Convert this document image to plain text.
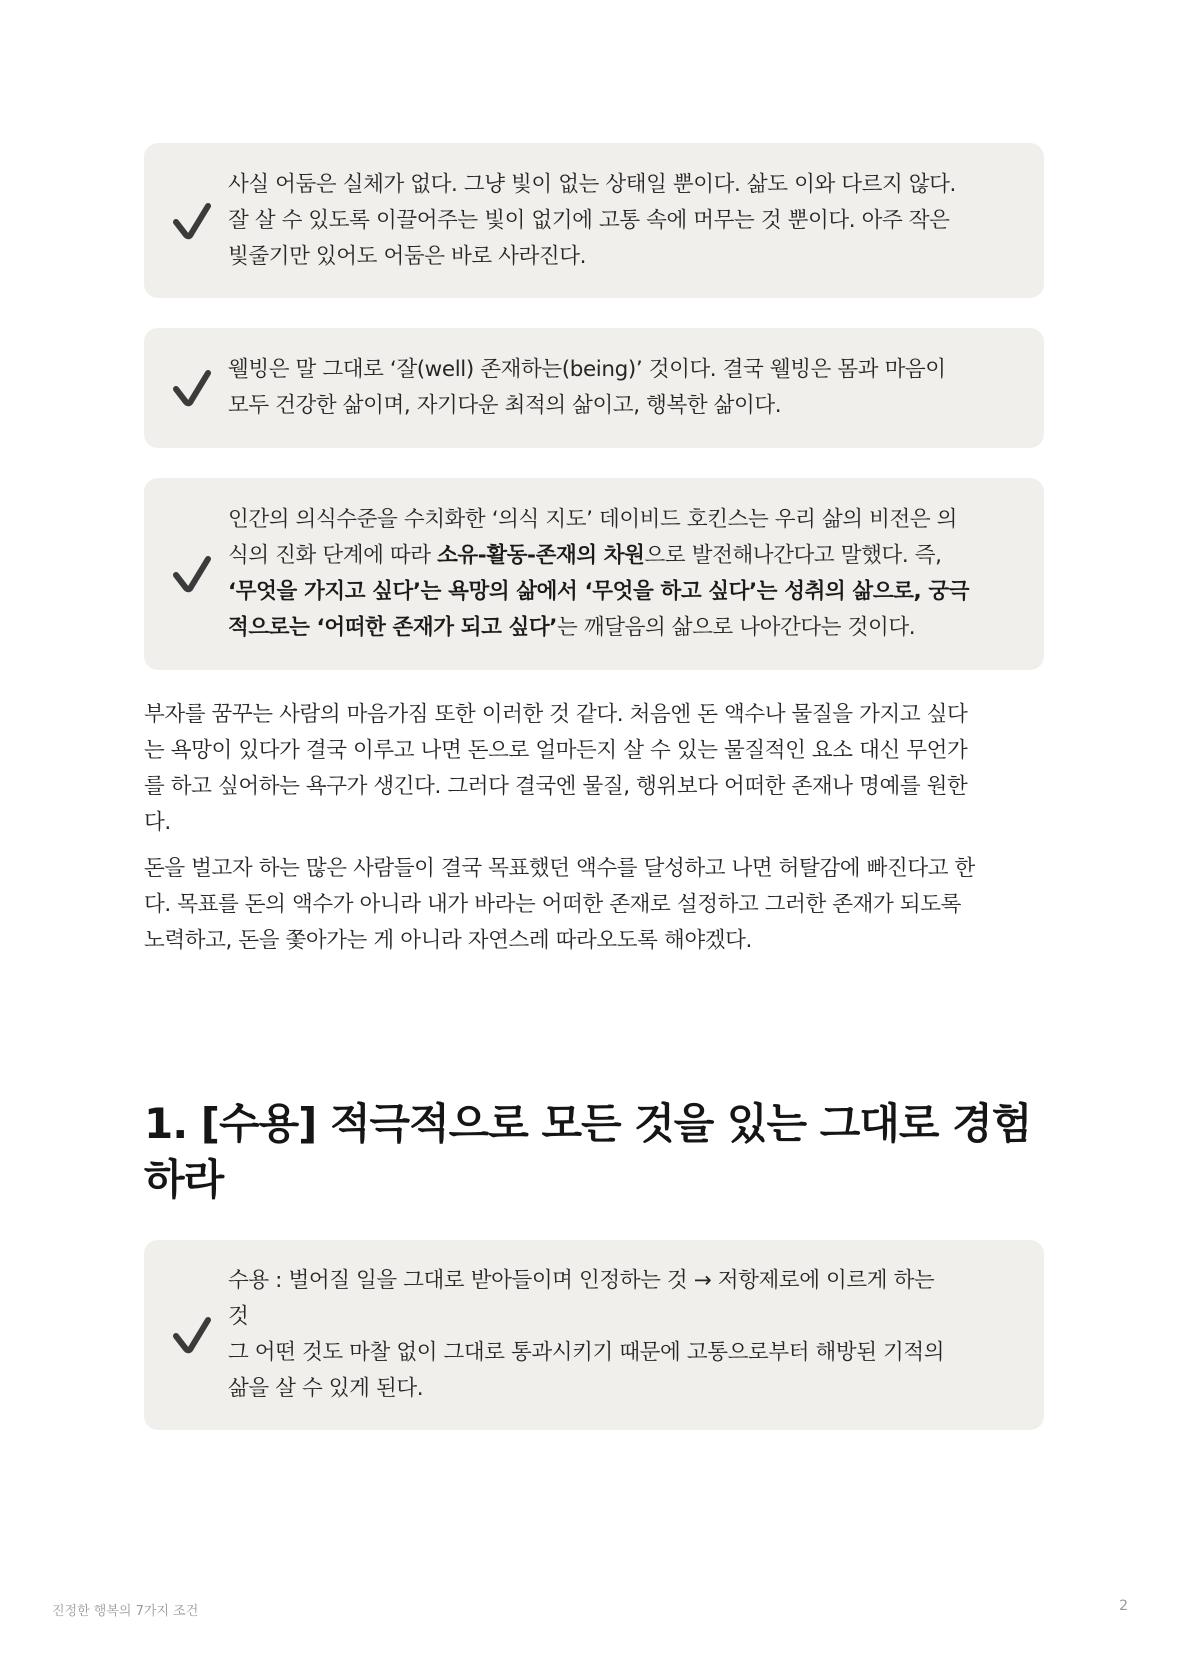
사실 어둠은 실체가 없다. 그냥 빛이 없는 상태일 뿐이다. 삶도 이와 다르지 않다.

잘 살 수 있도록 이끌어주는 빛이 없기에 고통 속에 머무는 것 뿐이다. 아주 작은

빛줄기만 있어도 어둠은 바로 사라진다.

웰빙은 말 그대로 ‘잘(well) 존재하는(being)’ 것이다. 결국 웰빙은 몸과 마음이

모두 건강한 삶이며, 자기다운 최적의 삶이고, 행복한 삶이다.

인간의 의식수준을 수치화한 ‘의식 지도’ 데이비드 호킨스는 우리 삶의 비전은 의

식의 진화 단계에 따라 소유-활동-존재의 차원으로 발전해나간다고 말했다. 즉,

‘무엇을 가지고 싶다’는 욕망의 삶에서 ‘무엇을 하고 싶다’는 성취의 삶으로, 궁극

적으로는 ‘어떠한 존재가 되고 싶다’는 깨달음의 삶으로 나아간다는 것이다.

부자를 꿈꾸는 사람의 마음가짐 또한 이러한 것 같다. 처음엔 돈 액수나 물질을 가지고 싶다

는 욕망이 있다가 결국 이루고 나면 돈으로 얼마든지 살 수 있는 물질적인 요소 대신 무언가

를 하고 싶어하는 욕구가 생긴다. 그러다 결국엔 물질, 행위보다 어떠한 존재나 명예를 원한

다.

돈을 벌고자 하는 많은 사람들이 결국 목표했던 액수를 달성하고 나면 허탈감에 빠진다고 한

다. 목표를 돈의 액수가 아니라 내가 바라는 어떠한 존재로 설정하고 그러한 존재가 되도록

노력하고, 돈을 쫓아가는 게 아니라 자연스레 따라오도록 해야겠다.

1. [수용] 적극적으로 모든 것을 있는 그대로 경험
하라

수용 : 벌어질 일을 그대로 받아들이며 인정하는 것 → 저항제로에 이르게 하는

것

그 어떤 것도 마찰 없이 그대로 통과시키기 때문에 고통으로부터 해방된 기적의

삶을 살 수 있게 된다.

진정한 행복의 7가지 조건	2
